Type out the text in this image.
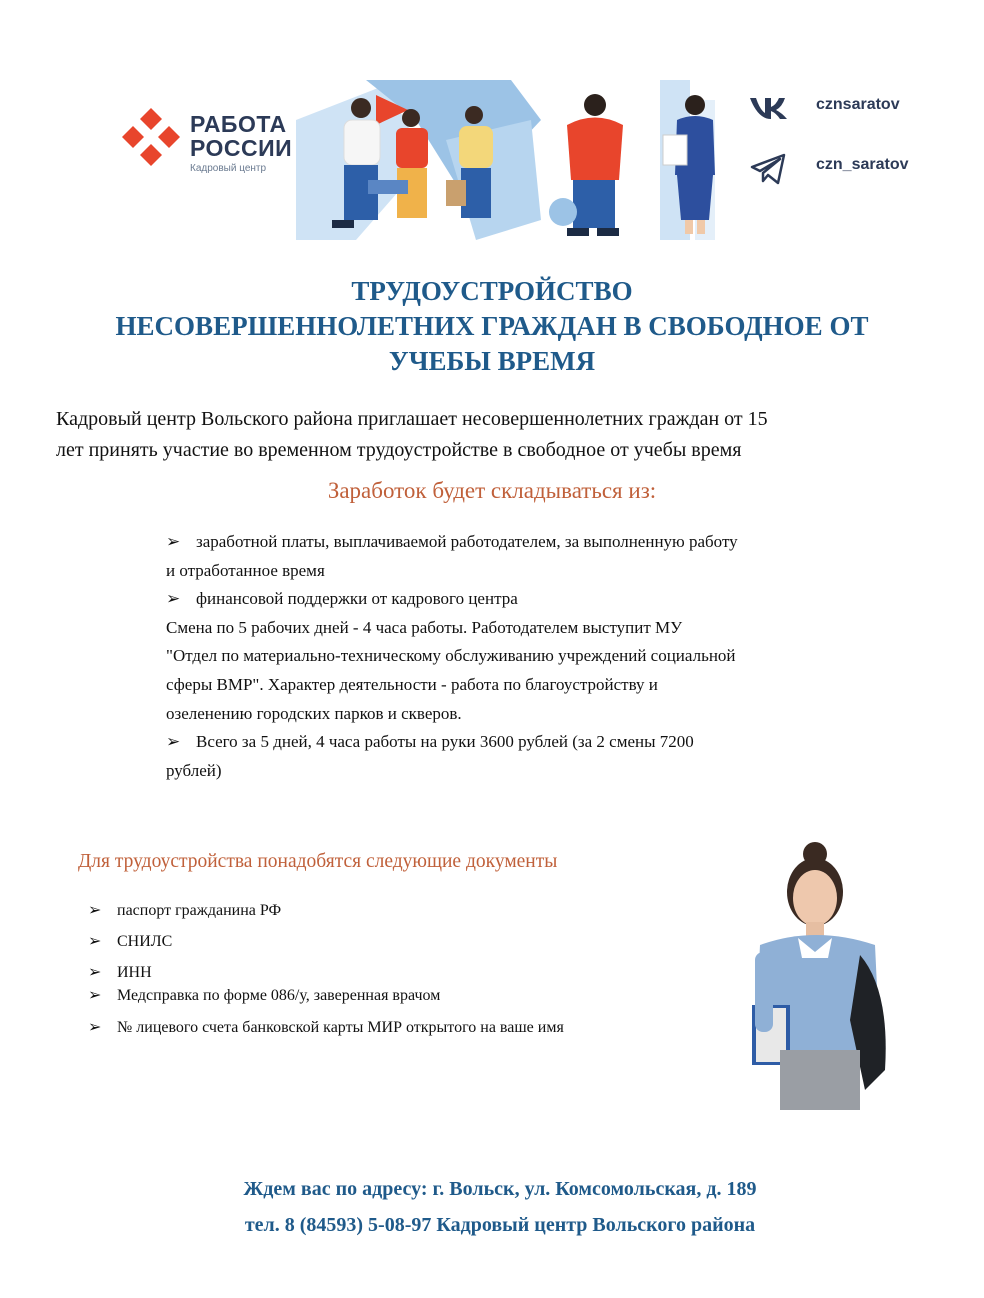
РАБОТА
РОССИИ
Кадровый центр
cznsaratov
czn_saratov
ТРУДОУСТРОЙСТВО
НЕСОВЕРШЕННОЛЕТНИХ ГРАЖДАН В СВОБОДНОЕ ОТ
УЧЕБЫ ВРЕМЯ
Кадровый центр Вольского района приглашает несовершеннолетних граждан от 15
лет принять участие во временном трудоустройстве в свободное от учебы время
Заработок будет складываться из:

➢ заработной платы, выплачиваемой работодателем, за выполненную работу

и отработанное время

➢ финансовой поддержки от кадрового центра

Смена по 5 рабочих дней - 4 часа работы. Работодателем выступит МУ

"Отдел по материально-техническому обслуживанию учреждений социальной

сферы ВМР". Характер деятельности - работа по благоустройству и

озеленению городских парков и скверов.

➢ Всего за 5 дней, 4 часа работы на руки 3600 рублей (за 2 смены 7200

рублей)

Для трудоустройства понадобятся следующие документы
➢ паспорт гражданина РФ
➢ СНИЛС
➢ ИНН
➢ Медсправка по форме 086/у, заверенная врачом
➢ № лицевого счета банковской карты МИР открытого на ваше имя
Ждем вас по адресу: г. Вольск, ул. Комсомольская, д. 189
тел. 8 (84593) 5-08-97 Кадровый центр Вольского района
